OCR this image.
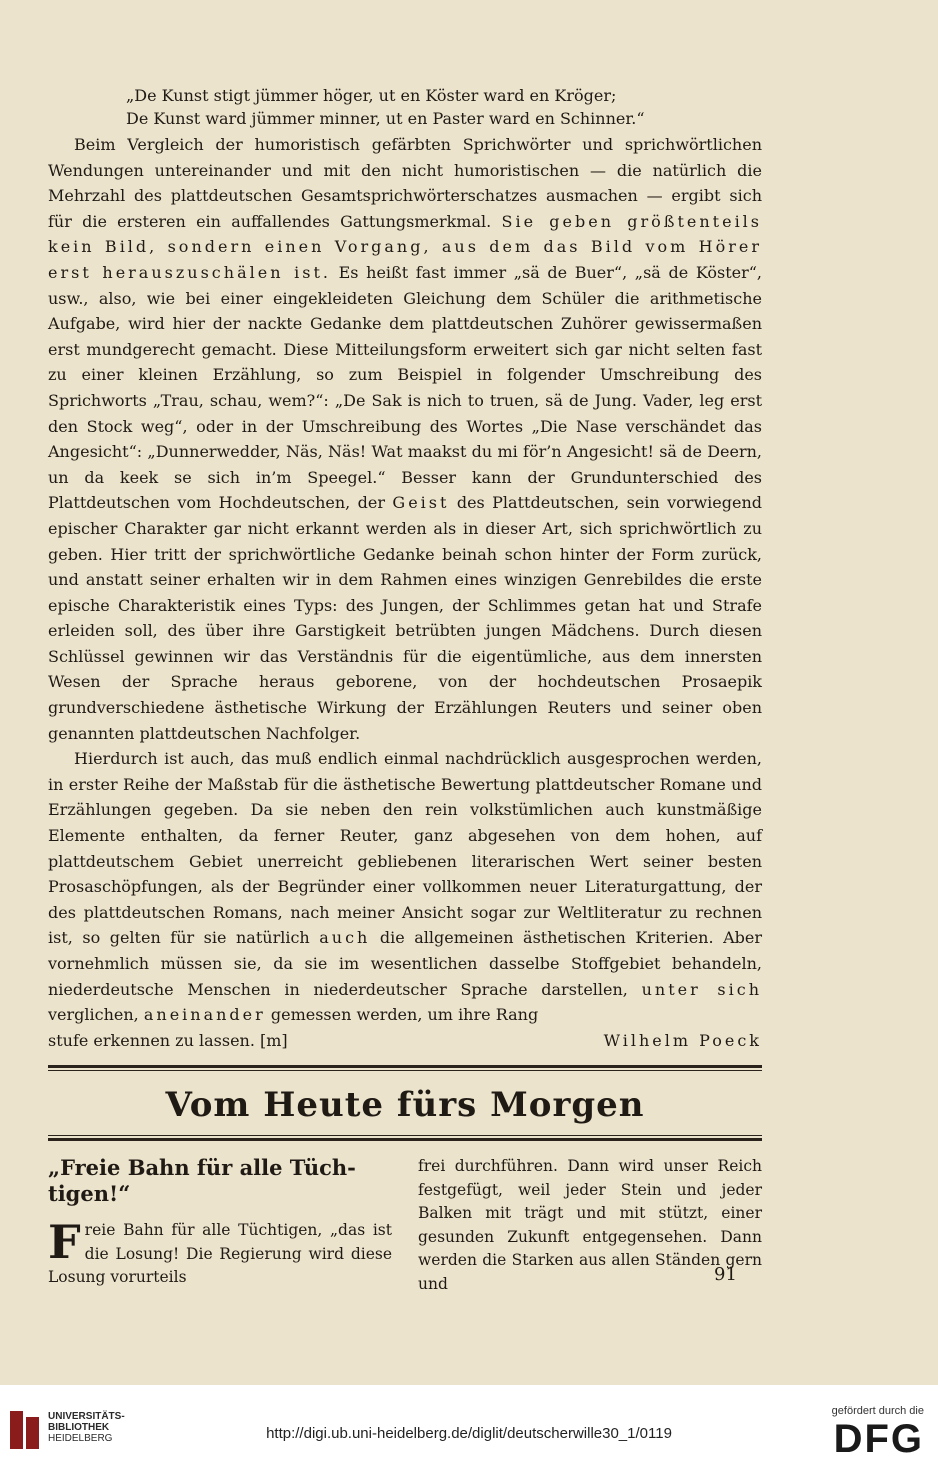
„De Kunst stigt jümmer höger, ut en Köster ward en Kröger;
De Kunst ward jümmer minner, ut en Paster ward en Schinner.“

Beim Vergleich der humoristisch gefärbten Sprichwörter und sprichwörtlichen Wendungen untereinander und mit den nicht humoristischen — die natürlich die Mehrzahl des plattdeutschen Gesamtsprichwörterschatzes ausmachen — ergibt sich für die ersteren ein auffallendes Gattungsmerkmal. Sie geben größtenteils kein Bild, sondern einen Vorgang, aus dem das Bild vom Hörer erst herauszuschälen ist. Es heißt fast immer „sä de Buer“, „sä de Köster“, usw., also, wie bei einer eingekleideten Gleichung dem Schüler die arithmetische Aufgabe, wird hier der nackte Gedanke dem plattdeutschen Zuhörer gewissermaßen erst mundgerecht gemacht. Diese Mitteilungsform erweitert sich gar nicht selten fast zu einer kleinen Erzählung, so zum Beispiel in folgender Umschreibung des Sprichworts „Trau, schau, wem?“: „De Sak is nich to truen, sä de Jung. Vader, leg erst den Stock weg“, oder in der Umschreibung des Wortes „Die Nase verschändet das Angesicht“: „Dunnerwedder, Näs, Näs! Wat maakst du mi för’n Angesicht! sä de Deern, un da keek se sich in’m Speegel.“ Besser kann der Grundunterschied des Plattdeutschen vom Hochdeutschen, der Geist des Plattdeutschen, sein vorwiegend epischer Charakter gar nicht erkannt werden als in dieser Art, sich sprichwörtlich zu geben. Hier tritt der sprichwörtliche Gedanke beinah schon hinter der Form zurück, und anstatt seiner erhalten wir in dem Rahmen eines winzigen Genrebildes die erste epische Charakteristik eines Typs: des Jungen, der Schlimmes getan hat und Strafe erleiden soll, des über ihre Garstigkeit betrübten jungen Mädchens. Durch diesen Schlüssel gewinnen wir das Verständnis für die eigentümliche, aus dem innersten Wesen der Sprache heraus geborene, von der hochdeutschen Prosaepik grundverschiedene ästhetische Wirkung der Erzählungen Reuters und seiner oben genannten plattdeutschen Nachfolger.

Hierdurch ist auch, das muß endlich einmal nachdrücklich ausgesprochen werden, in erster Reihe der Maßstab für die ästhetische Bewertung plattdeutscher Romane und Erzählungen gegeben. Da sie neben den rein volkstümlichen auch kunstmäßige Elemente enthalten, da ferner Reuter, ganz abgesehen von dem hohen, auf plattdeutschem Gebiet unerreicht gebliebenen literarischen Wert seiner besten Prosaschöpfungen, als der Begründer einer vollkommen neuer Literaturgattung, der des plattdeutschen Romans, nach meiner Ansicht sogar zur Weltliteratur zu rechnen ist, so gelten für sie natürlich auch die allgemeinen ästhetischen Kriterien. Aber vornehmlich müssen sie, da sie im wesentlichen dasselbe Stoffgebiet behandeln, niederdeutsche Menschen in niederdeutscher Sprache darstellen, unter sich verglichen, aneinander gemessen werden, um ihre Rang

stufe erkennen zu lassen. [m]	Wilhelm Poeck
Vom Heute fürs Morgen
„Freie Bahn für alle Tüchtigen!“

Freie Bahn für alle Tüchtigen, „das ist die Losung! Die Regierung wird diese Losung vorurteils

frei durchführen. Dann wird unser Reich festgefügt, weil jeder Stein und jeder Balken mit trägt und mit stützt, einer gesunden Zukunft entgegensehen. Dann werden die Starken aus allen Ständen gern und	91
UNIVERSITÄTS-
BIBLIOTHEK
HEIDELBERG	http://digi.ub.uni-heidelberg.de/diglit/deutscherwille30_1/0119
gefördert durch die
DFG
